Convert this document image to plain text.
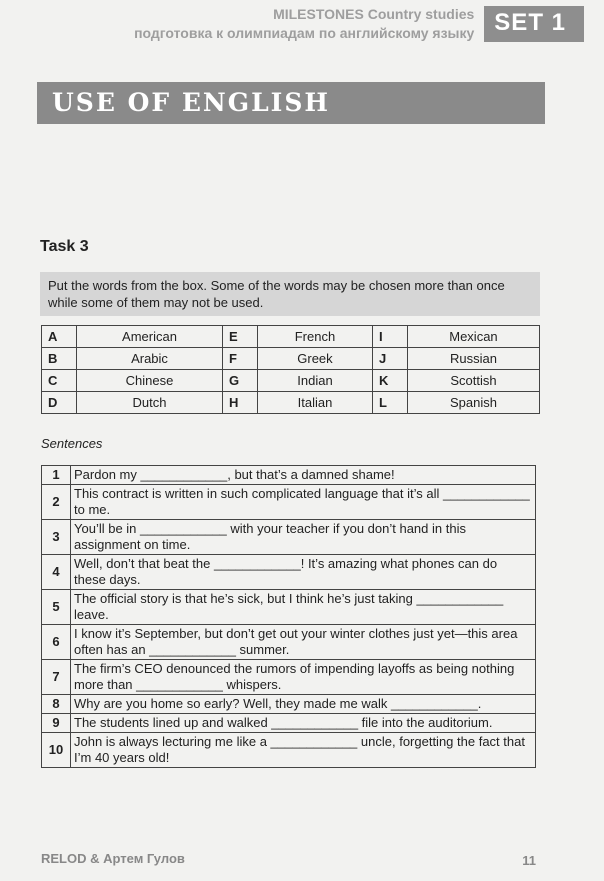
MILESTONES Country studies
подготовка к олимпиадам по английскому языку SET 1
USE OF ENGLISH
Task 3
Put the words from the box. Some of the words may be chosen more than once while some of them may not be used.
A	American	E	French	I	Mexican
B	Arabic	F	Greek	J	Russian
C	Chinese	G	Indian	K	Scottish
D	Dutch	H	Italian	L	Spanish
Sentences
1	Pardon my ____________, but that’s a damned shame!
2	This contract is written in such complicated language that it’s all ____________ to me.
3	You’ll be in ____________ with your teacher if you don’t hand in this assignment on time.
4	Well, don’t that beat the ____________! It’s amazing what phones can do these days.
5	The official story is that he’s sick, but I think he’s just taking ____________ leave.
6	I know it’s September, but don’t get out your winter clothes just yet—this area often has an ____________ summer.
7	The firm’s CEO denounced the rumors of impending layoffs as being nothing more than ____________ whispers.
8	Why are you home so early? Well, they made me walk ____________.
9	The students lined up and walked ____________ file into the auditorium.
10	John is always lecturing me like a ____________ uncle, forgetting the fact that I’m 40 years old!
RELOD & Артем Гулов	11
